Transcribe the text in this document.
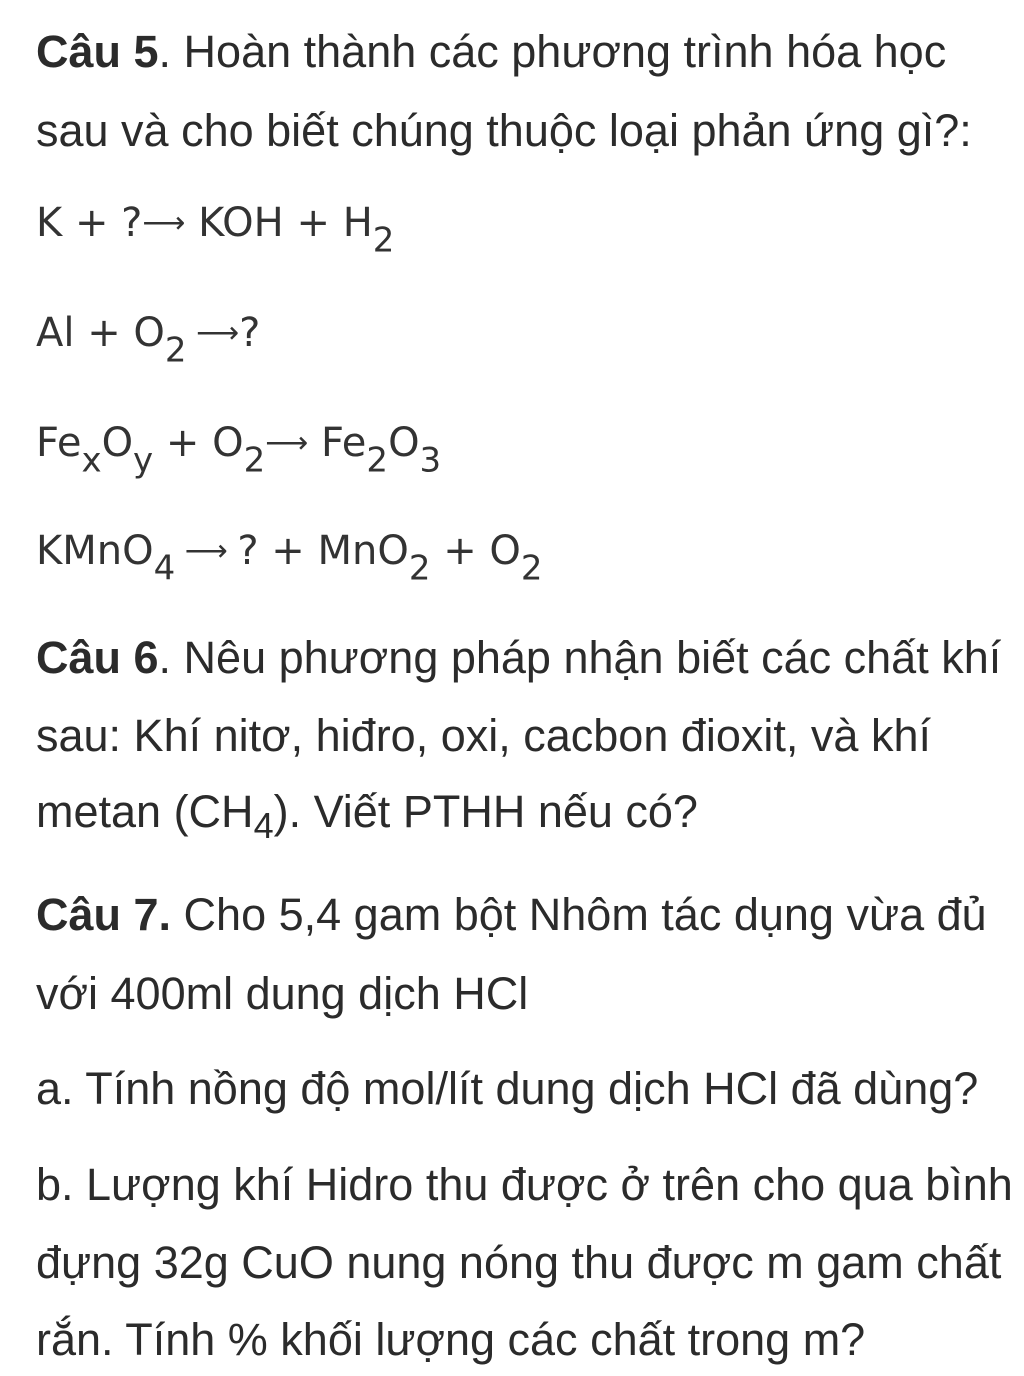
Câu 5. Hoàn thành các phương trình hóa học
sau và cho biết chúng thuộc loại phản ứng gì?:
K + ?⟶ KOH + $H_2$
$Al + O_2$ ⟶?
$Fe_xO_y$ + $O_2⟶$ $Fe_2O_3$
KMnO$_4$ ⟶ ? + $MnO_2 + O_2$
Câu 6. Nêu phương pháp nhận biết các chất khí
sau: Khí nitơ, hiđro, oxi, cacbon đioxit, và khí
metan $(CH_4)$. Viết PTHH nếu có?
Câu 7. Cho 5,4 gam bột Nhôm tác dụng vừa đủ
với 400ml dung dịch HCl
a. Tính nồng độ mol/lít dung dịch HCl đã dùng?
b. Lượng khí Hidro thu được ở trên cho qua bình
đựng 32g CuO nung nóng thu được m gam chất
rắn. Tính % khối lượng các chất trong m?
